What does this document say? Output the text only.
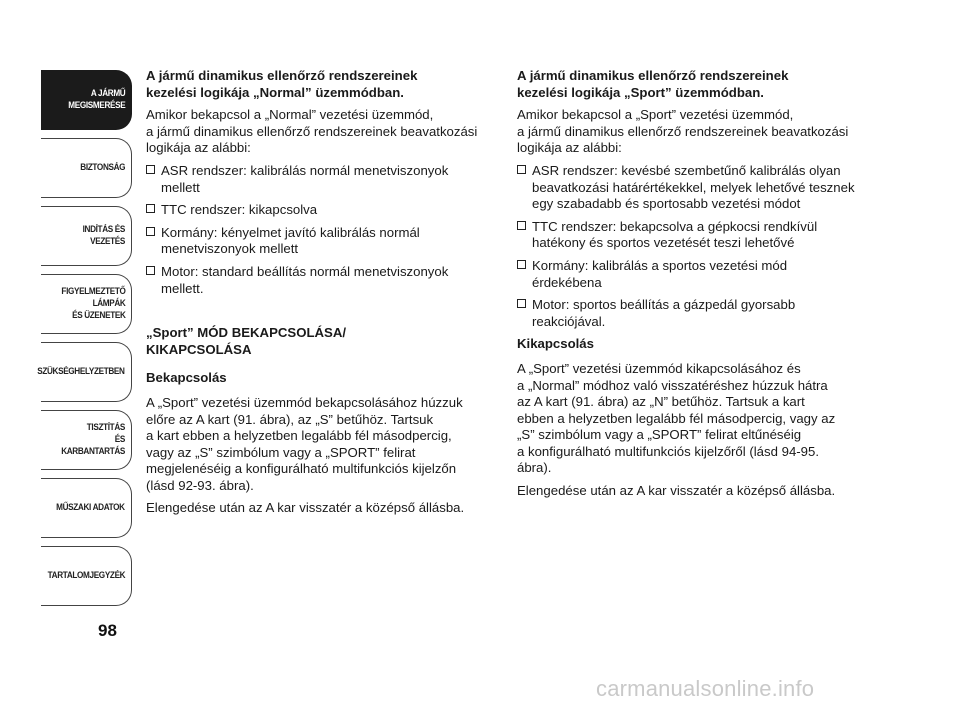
A JÁRMŰ
MEGISMERÉSE
BIZTONSÁG
INDÍTÁS ÉS VEZETÉS
FIGYELMEZTETŐ
LÁMPÁK
ÉS ÜZENETEK
SZÜKSÉGHELYZETBEN
TISZTÍTÁS
ÉS KARBANTARTÁS
MŰSZAKI ADATOK
TARTALOMJEGYZÉK
98
A jármű dinamikus ellenőrző rendszereinek
kezelési logikája „Normal” üzemmódban.

Amikor bekapcsol a „Normal” vezetési üzemmód,
a jármű dinamikus ellenőrző rendszereinek beavatkozási
logikája az alábbi:

ASR rendszer: kalibrálás normál menetviszonyok
mellett
TTC rendszer: kikapcsolva
Kormány: kényelmet javító kalibrálás normál
menetviszonyok mellett
Motor: standard beállítás normál menetviszonyok
mellett.
„Sport” MÓD BEKAPCSOLÁSA/
KIKAPCSOLÁSA
Bekapcsolás

A „Sport” vezetési üzemmód bekapcsolásához húzzuk
előre az A kart (91. ábra), az „S” betűhöz. Tartsuk
a kart ebben a helyzetben legalább fél másodpercig,
vagy az „S” szimbólum vagy a „SPORT” felirat
megjelenéséig a konfigurálható multifunkciós kijelzőn
(lásd 92-93. ábra).

Elengedése után az A kar visszatér a középső állásba.

A jármű dinamikus ellenőrző rendszereinek
kezelési logikája „Sport” üzemmódban.

Amikor bekapcsol a „Sport” vezetési üzemmód,
a jármű dinamikus ellenőrző rendszereinek beavatkozási
logikája az alábbi:

ASR rendszer: kevésbé szembetűnő kalibrálás olyan
beavatkozási határértékekkel, melyek lehetővé tesznek
egy szabadabb és sportosabb vezetési módot
TTC rendszer: bekapcsolva a gépkocsi rendkívül
hatékony és sportos vezetését teszi lehetővé
Kormány: kalibrálás a sportos vezetési mód
érdekébena
Motor: sportos beállítás a gázpedál gyorsabb
reakciójával.
Kikapcsolás

A „Sport” vezetési üzemmód kikapcsolásához és
a „Normal” módhoz való visszatéréshez húzzuk hátra
az A kart (91. ábra) az „N” betűhöz. Tartsuk a kart
ebben a helyzetben legalább fél másodpercig, vagy az
„S” szimbólum vagy a „SPORT” felirat eltűnéséig
a konfigurálható multifunkciós kijelzőről (lásd 94-95.
ábra).

Elengedése után az A kar visszatér a középső állásba.

carmanualsonline.info
